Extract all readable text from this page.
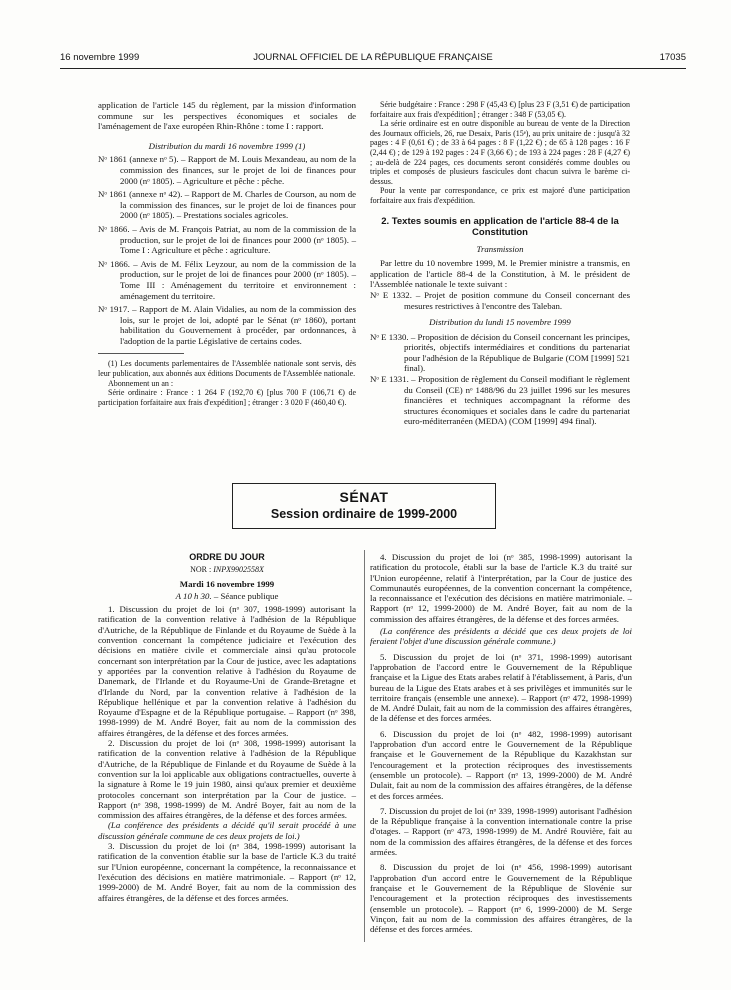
16 novembre 1999	JOURNAL OFFICIEL DE LA RÉPUBLIQUE FRANÇAISE	17035

application de l'article 145 du règlement, par la mission d'information commune sur les perspectives économiques et sociales de l'aménagement de l'axe européen Rhin-Rhône : tome I : rapport.

Distribution du mardi 16 novembre 1999 (1)

Nᵒ 1861 (annexe nᵒ 5). – Rapport de M. Louis Mexandeau, au nom de la commission des finances, sur le projet de loi de finances pour 2000 (nᵒ 1805). – Agriculture et pêche : pêche.

Nᵒ 1861 (annexe nᵒ 42). – Rapport de M. Charles de Courson, au nom de la commission des finances, sur le projet de loi de finances pour 2000 (nᵒ 1805). – Prestations sociales agricoles.

Nᵒ 1866. – Avis de M. François Patriat, au nom de la commission de la production, sur le projet de loi de finances pour 2000 (nᵒ 1805). – Tome I : Agriculture et pêche : agriculture.

Nᵒ 1866. – Avis de M. Félix Leyzour, au nom de la commission de la production, sur le projet de loi de finances pour 2000 (nᵒ 1805). – Tome III : Aménagement du territoire et environnement : aménagement du territoire.

Nᵒ 1917. – Rapport de M. Alain Vidalies, au nom de la commission des lois, sur le projet de loi, adopté par le Sénat (nᵒ 1860), portant habilitation du Gouvernement à procéder, par ordonnances, à l'adoption de la partie Législative de certains codes.

(1) Les documents parlementaires de l'Assemblée nationale sont servis, dès leur publication, aux abonnés aux éditions Documents de l'Assemblée nationale.

Abonnement un an :

Série ordinaire : France : 1 264 F (192,70 €) [plus 700 F (106,71 €) de participation forfaitaire aux frais d'expédition] ; étranger : 3 020 F (460,40 €).

Série budgétaire : France : 298 F (45,43 €) [plus 23 F (3,51 €) de participation forfaitaire aux frais d'expédition] ; étranger : 348 F (53,05 €).

La série ordinaire est en outre disponible au bureau de vente de la Direction des Journaux officiels, 26, rue Desaix, Paris (15ᵉ), au prix unitaire de : jusqu'à 32 pages : 4 F (0,61 €) ; de 33 à 64 pages : 8 F (1,22 €) ; de 65 à 128 pages : 16 F (2,44 €) ; de 129 à 192 pages : 24 F (3,66 €) ; de 193 à 224 pages : 28 F (4,27 €) ; au-delà de 224 pages, ces documents seront considérés comme doubles ou triples et composés de plusieurs fascicules dont chacun suivra le barème ci-dessus.

Pour la vente par correspondance, ce prix est majoré d'une participation forfaitaire aux frais d'expédition.

2. Textes soumis en application de l'article 88-4 de la Constitution

Transmission

Par lettre du 10 novembre 1999, M. le Premier ministre a transmis, en application de l'article 88-4 de la Constitution, à M. le président de l'Assemblée nationale le texte suivant :

Nᵒ E 1332. – Projet de position commune du Conseil concernant des mesures restrictives à l'encontre des Taleban.

Distribution du lundi 15 novembre 1999

Nᵒ E 1330. – Proposition de décision du Conseil concernant les principes, priorités, objectifs intermédiaires et conditions du partenariat pour l'adhésion de la République de Bulgarie (COM [1999] 521 final).

Nᵒ E 1331. – Proposition de règlement du Conseil modifiant le règlement du Conseil (CE) nᵒ 1488/96 du 23 juillet 1996 sur les mesures financières et techniques accompagnant la réforme des structures économiques et sociales dans le cadre du partenariat euro-méditerranéen (MEDA) (COM [1999] 494 final).

SÉNAT
Session ordinaire de 1999-2000

ORDRE DU JOUR

NOR : INPX9902558X

Mardi 16 novembre 1999

A 10 h 30. – Séance publique

1. Discussion du projet de loi (nᵒ 307, 1998-1999) autorisant la ratification de la convention relative à l'adhésion de la République d'Autriche, de la République de Finlande et du Royaume de Suède à la convention concernant la compétence judiciaire et l'exécution des décisions en matière civile et commerciale ainsi qu'au protocole concernant son interprétation par la Cour de justice, avec les adaptations y apportées par la convention relative à l'adhésion du Royaume de Danemark, de l'Irlande et du Royaume-Uni de Grande-Bretagne et d'Irlande du Nord, par la convention relative à l'adhésion de la République hellénique et par la convention relative à l'adhésion du Royaume d'Espagne et de la République portugaise. – Rapport (nᵒ 398, 1998-1999) de M. André Boyer, fait au nom de la commission des affaires étrangères, de la défense et des forces armées.

2. Discussion du projet de loi (nᵒ 308, 1998-1999) autorisant la ratification de la convention relative à l'adhésion de la République d'Autriche, de la République de Finlande et du Royaume de Suède à la convention sur la loi applicable aux obligations contractuelles, ouverte à la signature à Rome le 19 juin 1980, ainsi qu'aux premier et deuxième protocoles concernant son interprétation par la Cour de justice. – Rapport (nᵒ 398, 1998-1999) de M. André Boyer, fait au nom de la commission des affaires étrangères, de la défense et des forces armées.

(La conférence des présidents a décidé qu'il serait procédé à une discussion générale commune de ces deux projets de loi.)

3. Discussion du projet de loi (nᵒ 384, 1998-1999) autorisant la ratification de la convention établie sur la base de l'article K.3 du traité sur l'Union européenne, concernant la compétence, la reconnaissance et l'exécution des décisions en matière matrimoniale. – Rapport (nᵒ 12, 1999-2000) de M. André Boyer, fait au nom de la commission des affaires étrangères, de la défense et des forces armées.

4. Discussion du projet de loi (nᵒ 385, 1998-1999) autorisant la ratification du protocole, établi sur la base de l'article K.3 du traité sur l'Union européenne, relatif à l'interprétation, par la Cour de justice des Communautés européennes, de la convention concernant la compétence, la reconnaissance et l'exécution des décisions en matière matrimoniale. – Rapport (nᵒ 12, 1999-2000) de M. André Boyer, fait au nom de la commission des affaires étrangères, de la défense et des forces armées.

(La conférence des présidents a décidé que ces deux projets de loi feraient l'objet d'une discussion générale commune.)

5. Discussion du projet de loi (nᵒ 371, 1998-1999) autorisant l'approbation de l'accord entre le Gouvernement de la République française et la Ligue des Etats arabes relatif à l'établissement, à Paris, d'un bureau de la Ligue des Etats arabes et à ses privilèges et immunités sur le territoire français (ensemble une annexe). – Rapport (nᵒ 472, 1998-1999) de M. André Dulait, fait au nom de la commission des affaires étrangères, de la défense et des forces armées.

6. Discussion du projet de loi (nᵒ 482, 1998-1999) autorisant l'approbation d'un accord entre le Gouvernement de la République française et le Gouvernement de la République du Kazakhstan sur l'encouragement et la protection réciproques des investissements (ensemble un protocole). – Rapport (nᵒ 13, 1999-2000) de M. André Dulait, fait au nom de la commission des affaires étrangères, de la défense et des forces armées.

7. Discussion du projet de loi (nᵒ 339, 1998-1999) autorisant l'adhésion de la République française à la convention internationale contre la prise d'otages. – Rapport (nᵒ 473, 1998-1999) de M. André Rouvière, fait au nom de la commission des affaires étrangères, de la défense et des forces armées.

8. Discussion du projet de loi (nᵒ 456, 1998-1999) autorisant l'approbation d'un accord entre le Gouvernement de la République française et le Gouvernement de la République de Slovénie sur l'encouragement et la protection réciproques des investissements (ensemble un protocole). – Rapport (nᵒ 6, 1999-2000) de M. Serge Vinçon, fait au nom de la commission des affaires étrangères, de la défense et des forces armées.
